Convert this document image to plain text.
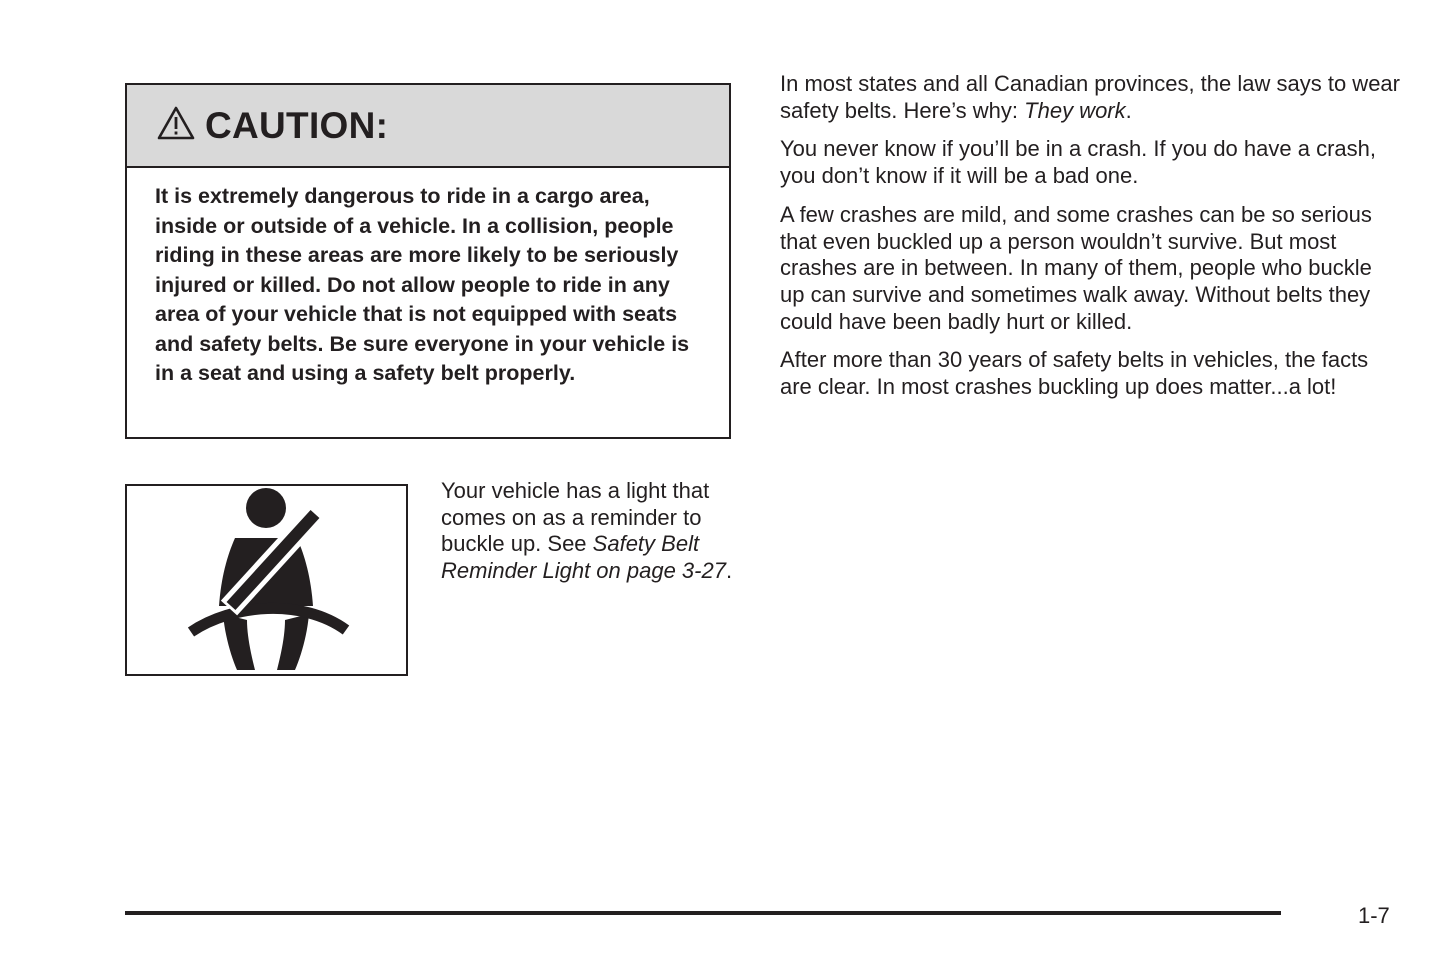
CAUTION:
It is extremely dangerous to ride in a cargo area, inside or outside of a vehicle. In a collision, people riding in these areas are more likely to be seriously injured or killed. Do not allow people to ride in any area of your vehicle that is not equipped with seats and safety belts. Be sure everyone in your vehicle is in a seat and using a safety belt properly.
Your vehicle has a light that comes on as a reminder to buckle up. See Safety Belt Reminder Light on page 3-27.

In most states and all Canadian provinces, the law says to wear safety belts. Here’s why: They work.

You never know if you’ll be in a crash. If you do have a crash, you don’t know if it will be a bad one.

A few crashes are mild, and some crashes can be so serious that even buckled up a person wouldn’t survive. But most crashes are in between. In many of them, people who buckle up can survive and sometimes walk away. Without belts they could have been badly hurt or killed.

After more than 30 years of safety belts in vehicles, the facts are clear. In most crashes buckling up does matter...a lot!

1-7
